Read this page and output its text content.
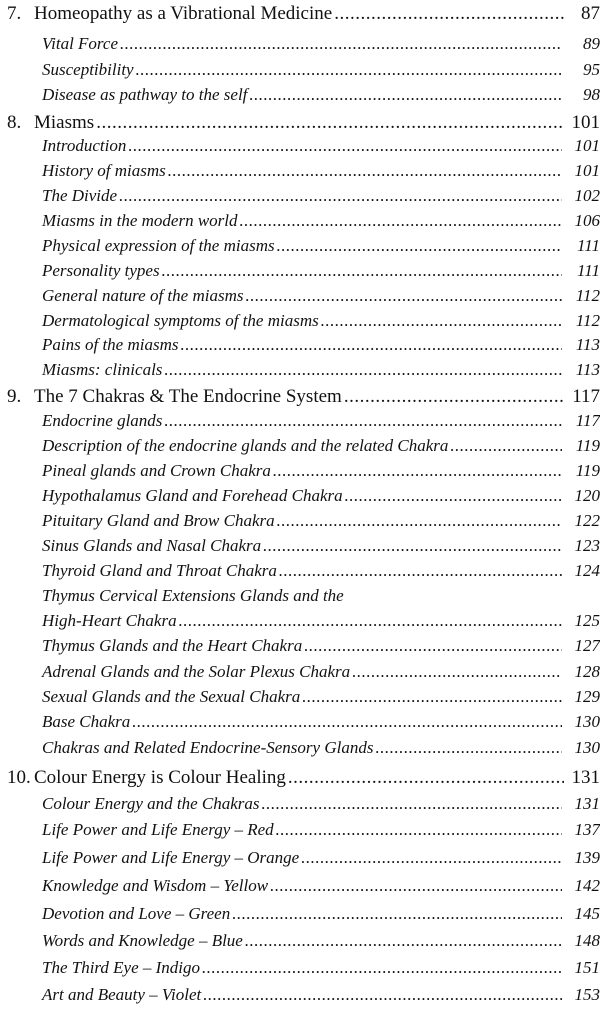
7. Homeopathy as a Vibrational Medicine .....	87
Vital Force .....	89
Susceptibility .....	95
Disease as pathway to the self .....	98
8. Miasms .....	101
Introduction .....	101
History of miasms .....	101
The Divide .....	102
Miasms in the modern world .....	106
Physical expression of the miasms .....	111
Personality types .....	111
General nature of the miasms .....	112
Dermatological symptoms of the miasms .....	112
Pains of the miasms .....	113
Miasms: clinicals .....	113
9. The 7 Chakras & The Endocrine System .....	117
Endocrine glands .....	117
Description of the endocrine glands and the related Chakra .....	119
Pineal glands and Crown Chakra .....	119
Hypothalamus Gland and Forehead Chakra .....	120
Pituitary Gland and Brow Chakra .....	122
Sinus Glands and Nasal Chakra .....	123
Thyroid Gland and Throat Chakra .....	124
Thymus Cervical Extensions Glands and the
High-Heart Chakra .....	125
Thymus Glands and the Heart Chakra .....	127
Adrenal Glands and the Solar Plexus Chakra .....	128
Sexual Glands and the Sexual Chakra .....	129
Base Chakra .....	130
Chakras and Related Endocrine-Sensory Glands .....	130
10. Colour Energy is Colour Healing .....	131
Colour Energy and the Chakras .....	131
Life Power and Life Energy – Red .....	137
Life Power and Life Energy – Orange .....	139
Knowledge and Wisdom – Yellow .....	142
Devotion and Love – Green .....	145
Words and Knowledge – Blue .....	148
The Third Eye – Indigo .....	151
Art and Beauty – Violet .....	153
